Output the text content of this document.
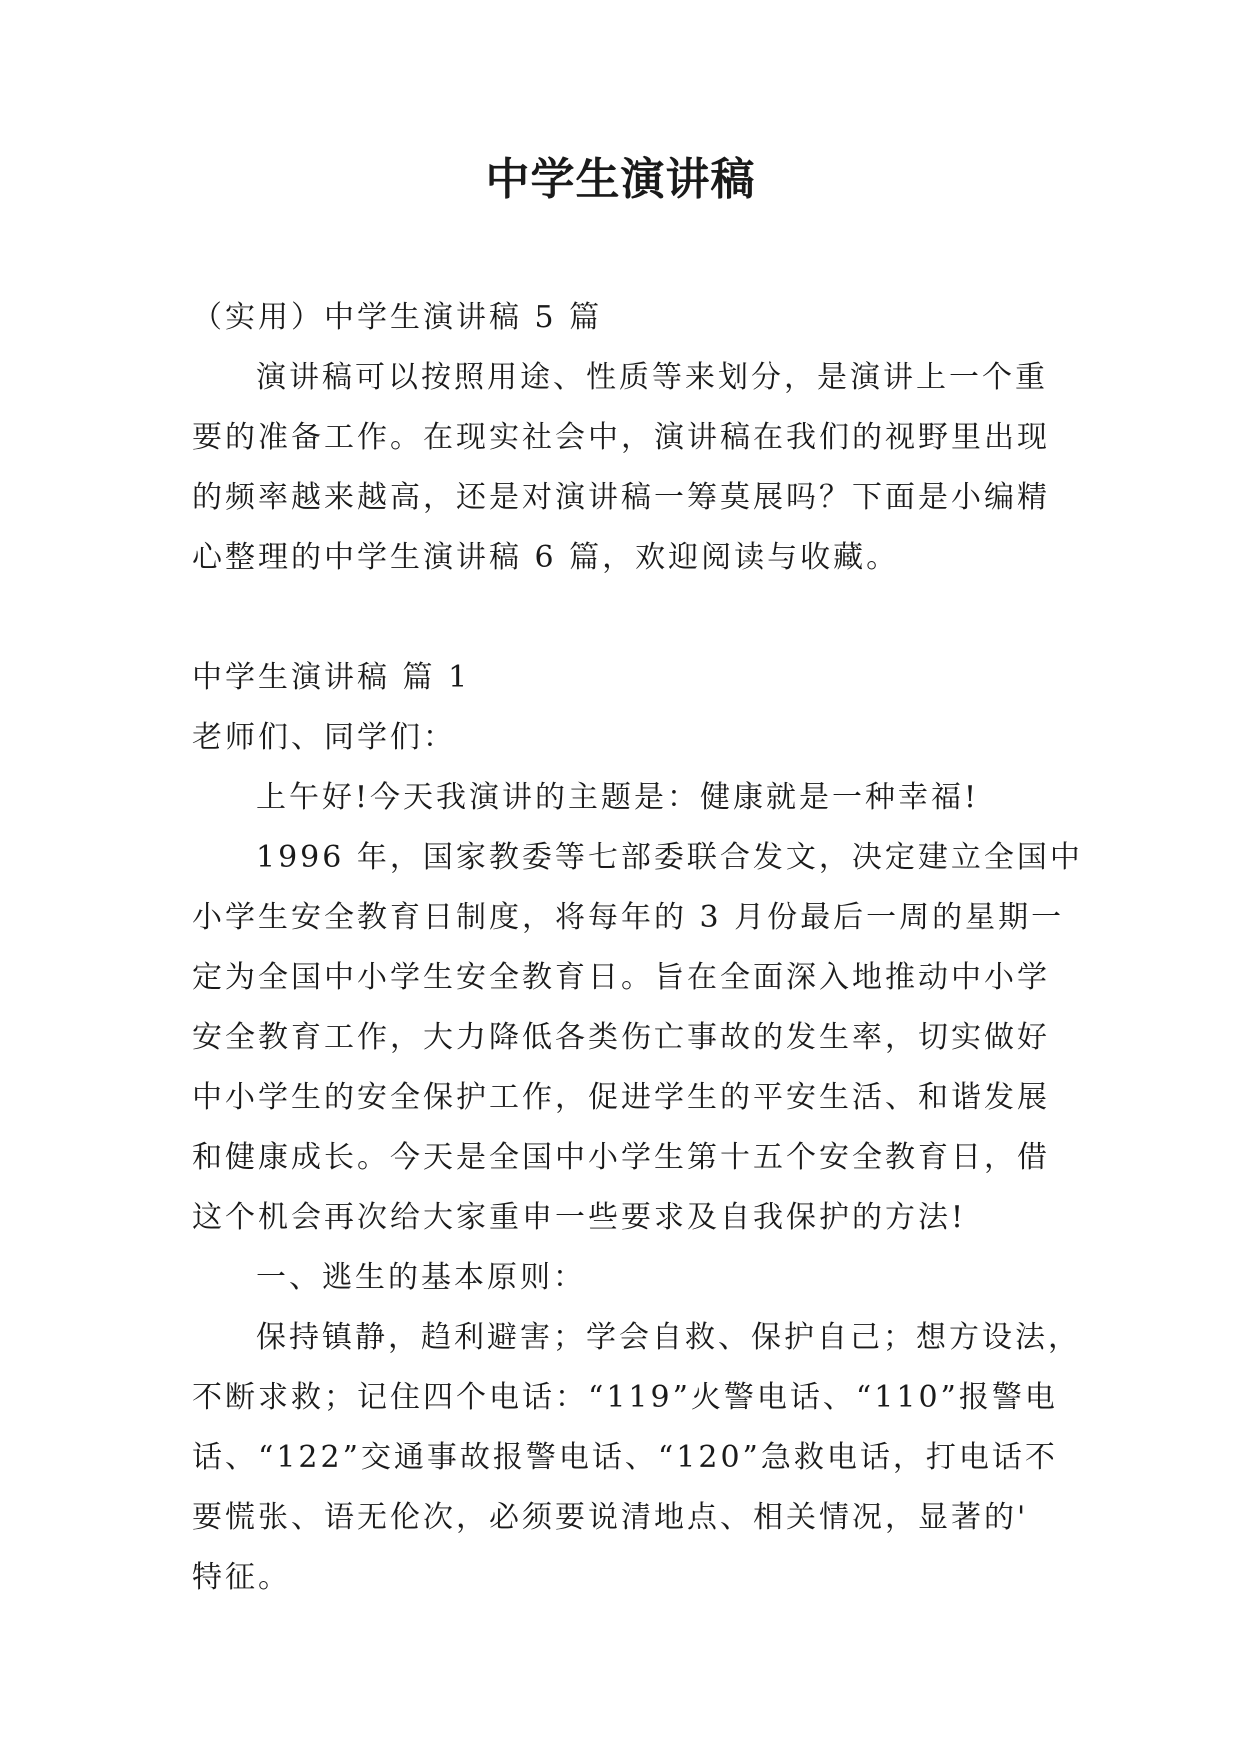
中学生演讲稿
（实用）中学生演讲稿 5 篇
演讲稿可以按照用途、性质等来划分，是演讲上一个重
要的准备工作。在现实社会中，演讲稿在我们的视野里出现
的频率越来越高，还是对演讲稿一筹莫展吗？下面是小编精
心整理的中学生演讲稿 6 篇，欢迎阅读与收藏。
中学生演讲稿 篇 1
老师们、同学们：
上午好!今天我演讲的主题是：健康就是一种幸福!
1996 年，国家教委等七部委联合发文，决定建立全国中
小学生安全教育日制度，将每年的 3 月份最后一周的星期一
定为全国中小学生安全教育日。旨在全面深入地推动中小学
安全教育工作，大力降低各类伤亡事故的发生率，切实做好
中小学生的安全保护工作，促进学生的平安生活、和谐发展
和健康成长。今天是全国中小学生第十五个安全教育日，借
这个机会再次给大家重申一些要求及自我保护的方法!
一、逃生的基本原则：
保持镇静，趋利避害；学会自救、保护自己；想方设法，
不断求救；记住四个电话：“119”火警电话、“110”报警电
话、“122”交通事故报警电话、“120”急救电话，打电话不
要慌张、语无伦次，必须要说清地点、相关情况，显著的'
特征。
